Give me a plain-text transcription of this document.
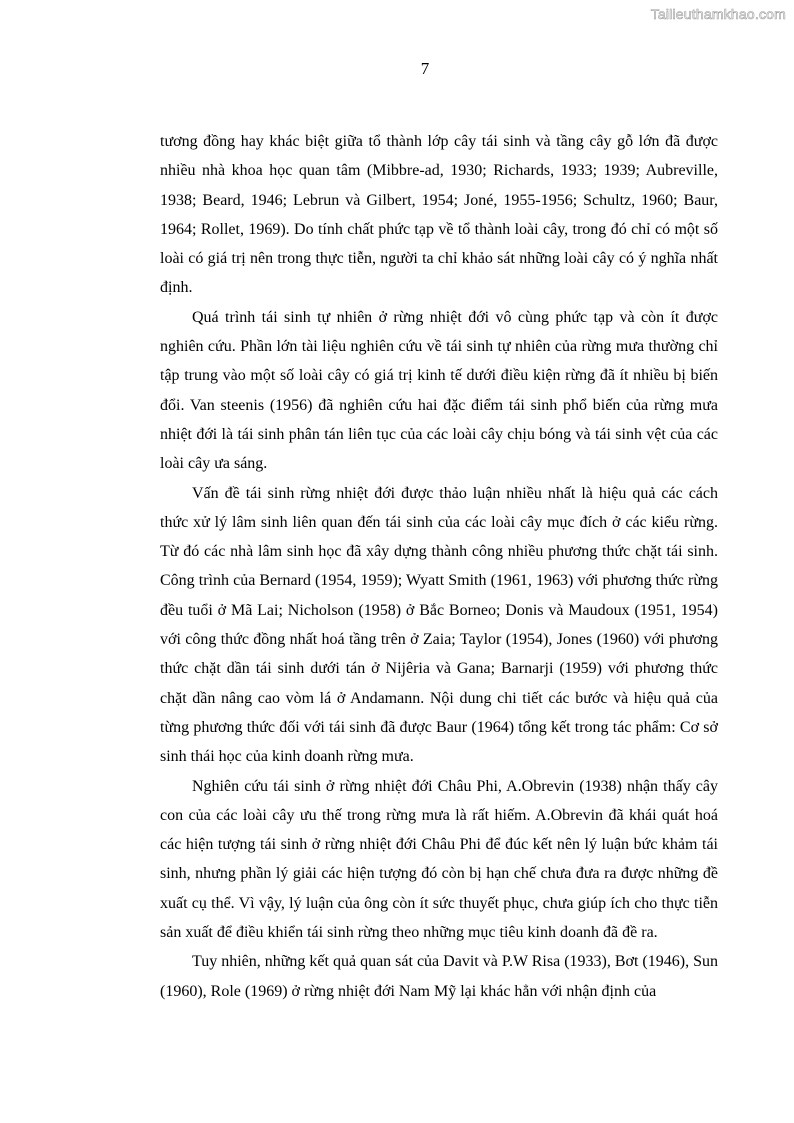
Tailieuthamkhao.com
7

tương đồng hay khác biệt giữa tổ thành lớp cây tái sinh và tầng cây gỗ lớn đã được nhiều nhà khoa học quan tâm (Mibbre-ad, 1930; Richards, 1933; 1939; Aubreville, 1938; Beard, 1946; Lebrun và Gilbert, 1954; Joné, 1955-1956; Schultz, 1960; Baur, 1964; Rollet, 1969). Do tính chất phức tạp về tổ thành loài cây, trong đó chỉ có một số loài có giá trị nên trong thực tiễn, người ta chỉ khảo sát những loài cây có ý nghĩa nhất định.

Quá trình tái sinh tự nhiên ở rừng nhiệt đới vô cùng phức tạp và còn ít được nghiên cứu. Phần lớn tài liệu nghiên cứu về tái sinh tự nhiên của rừng mưa thường chỉ tập trung vào một số loài cây có giá trị kinh tế dưới điều kiện rừng đã ít nhiều bị biến đổi. Van steenis (1956) đã nghiên cứu hai đặc điểm tái sinh phổ biến của rừng mưa nhiệt đới là tái sinh phân tán liên tục của các loài cây chịu bóng và tái sinh vệt của các loài cây ưa sáng.

Vấn đề tái sinh rừng nhiệt đới được thảo luận nhiều nhất là hiệu quả các cách thức xử lý lâm sinh liên quan đến tái sinh của các loài cây mục đích ở các kiểu rừng. Từ đó các nhà lâm sinh học đã xây dựng thành công nhiều phương thức chặt tái sinh. Công trình của Bernard (1954, 1959); Wyatt Smith (1961, 1963) với phương thức rừng đều tuổi ở Mã Lai; Nicholson (1958) ở Bắc Borneo; Donis và Maudoux (1951, 1954) với công thức đồng nhất hoá tầng trên ở Zaia; Taylor (1954), Jones (1960) với phương thức chặt dần tái sinh dưới tán ở Nijêria và Gana; Barnarji (1959) với phương thức chặt dần nâng cao vòm lá ở Andamann. Nội dung chi tiết các bước và hiệu quả của từng phương thức đối với tái sinh đã được Baur (1964) tổng kết trong tác phẩm: Cơ sở sinh thái học của kinh doanh rừng mưa.

Nghiên cứu tái sinh ở rừng nhiệt đới Châu Phi, A.Obrevin (1938) nhận thấy cây con của các loài cây ưu thế trong rừng mưa là rất hiếm. A.Obrevin đã khái quát hoá các hiện tượng tái sinh ở rừng nhiệt đới Châu Phi để đúc kết nên lý luận bức khảm tái sinh, nhưng phần lý giải các hiện tượng đó còn bị hạn chế chưa đưa ra được những đề xuất cụ thể. Vì vậy, lý luận của ông còn ít sức thuyết phục, chưa giúp ích cho thực tiễn sản xuất để điều khiển tái sinh rừng theo những mục tiêu kinh doanh đã đề ra.

Tuy nhiên, những kết quả quan sát của Davit và P.W Risa (1933), Bơt (1946), Sun (1960), Role (1969) ở rừng nhiệt đới Nam Mỹ lại khác hẳn với nhận định của
